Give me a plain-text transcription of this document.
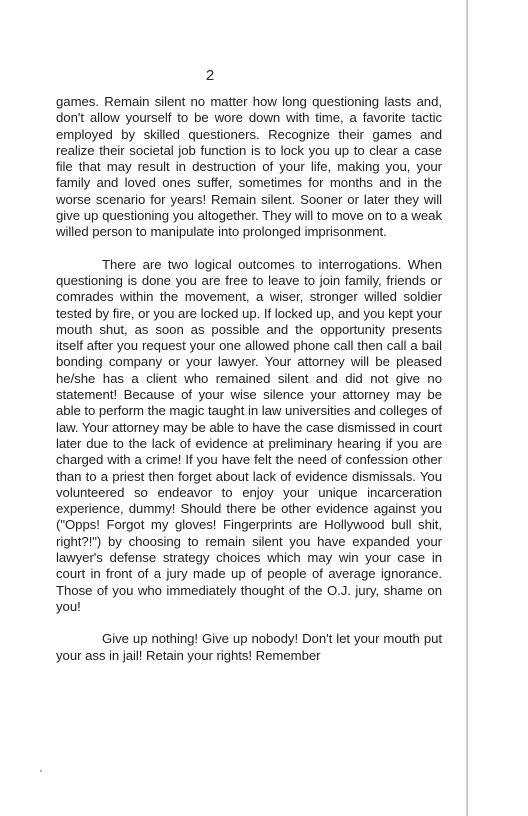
2

games. Remain silent no matter how long questioning lasts and, don't allow yourself to be wore down with time, a favorite tactic employed by skilled questioners. Recognize their games and realize their societal job function is to lock you up to clear a case file that may result in destruction of your life, making you, your family and loved ones suffer, sometimes for months and in the worse scenario for years! Remain silent. Sooner or later they will give up questioning you altogether. They will to move on to a weak willed person to manipulate into prolonged imprisonment.

There are two logical outcomes to interrogations. When questioning is done you are free to leave to join family, friends or comrades within the movement, a wiser, stronger willed soldier tested by fire, or you are locked up. If locked up, and you kept your mouth shut, as soon as possible and the opportunity presents itself after you request your one allowed phone call then call a bail bonding company or your lawyer. Your attorney will be pleased he/she has a client who remained silent and did not give no statement! Because of your wise silence your attorney may be able to perform the magic taught in law universities and colleges of law. Your attorney may be able to have the case dismissed in court later due to the lack of evidence at preliminary hearing if you are charged with a crime! If you have felt the need of confession other than to a priest then forget about lack of evidence dismissals. You volunteered so endeavor to enjoy your unique incarceration experience, dummy! Should there be other evidence against you ("Opps! Forgot my gloves! Fingerprints are Hollywood bull shit, right?!") by choosing to remain silent you have expanded your lawyer's defense strategy choices which may win your case in court in front of a jury made up of people of average ignorance. Those of you who immediately thought of the O.J. jury, shame on you!

Give up nothing! Give up nobody! Don't let your mouth put your ass in jail! Retain your rights! Remember
